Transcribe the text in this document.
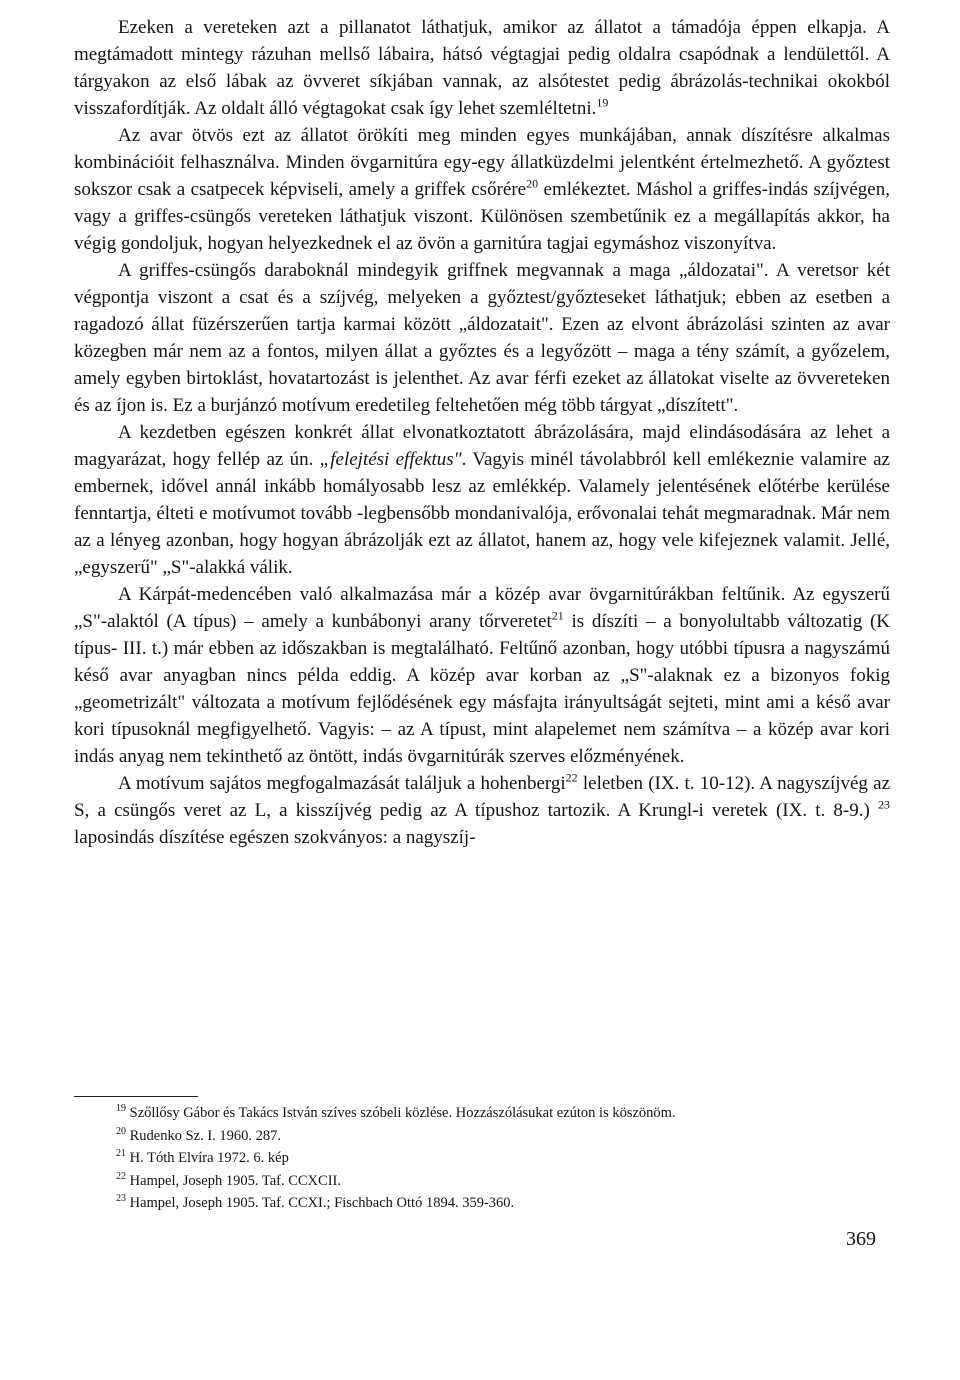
Ezeken a vereteken azt a pillanatot láthatjuk, amikor az állatot a támadója éppen elkapja. A megtámadott mintegy rázuhan mellső lábaira, hátsó végtagjai pedig oldalra csapódnak a lendülettől. A tárgyakon az első lábak az övveret síkjában vannak, az alsótestet pedig ábrázolás-technikai okokból visszafordítják. Az oldalt álló végtagokat csak így lehet szemléltetni.$^{19}$

Az avar ötvös ezt az állatot örökíti meg minden egyes munkájában, annak díszítésre alkalmas kombinációit felhasználva. Minden övgarnitúra egy-egy állatküzdelmi jelentként értelmezhető. A győztest sokszor csak a csatpecek képviseli, amely a griffek csőrére$^{20}$ emlékeztet. Máshol a griffes-indás szíjvégen, vagy a griffes-csüngős vereteken láthatjuk viszont. Különösen szembetűnik ez a megállapítás akkor, ha végig gondoljuk, hogyan helyezkednek el az övön a garnitúra tagjai egymáshoz viszonyítva.

A griffes-csüngős daraboknál mindegyik griffnek megvannak a maga „áldozatai". A veretsor két végpontja viszont a csat és a szíjvég, melyeken a győztest/győzteseket láthatjuk; ebben az esetben a ragadozó állat füzérszerűen tartja karmai között „áldozatait". Ezen az elvont ábrázolási szinten az avar közegben már nem az a fontos, milyen állat a győztes és a legyőzött – maga a tény számít, a győzelem, amely egyben birtoklást, hovatartozást is jelenthet. Az avar férfi ezeket az állatokat viselte az övvereteken és az íjon is. Ez a burjánzó motívum eredetileg feltehetően még több tárgyat „díszített".

A kezdetben egészen konkrét állat elvonatkoztatott ábrázolására, majd elindásodására az lehet a magyarázat, hogy fellép az ún. „felejtési effektus". Vagyis minél távolabbról kell emlékeznie valamire az embernek, idővel annál inkább homályosabb lesz az emlékkép. Valamely jelentésének előtérbe kerülése fenntartja, élteti e motívumot tovább -legbensőbb mondanivalója, erővonalai tehát megmaradnak. Már nem az a lényeg azonban, hogy hogyan ábrázolják ezt az állatot, hanem az, hogy vele kifejeznek valamit. Jellé, „egyszerű" „S"-alakká válik.

A Kárpát-medencében való alkalmazása már a közép avar övgarnitúrákban feltűnik. Az egyszerű „S"-alaktól (A típus) – amely a kunbábonyi arany tőrveretet$^{21}$ is díszíti – a bonyolultabb változatig (K típus- III. t.) már ebben az időszakban is megtalálható. Feltűnő azonban, hogy utóbbi típusra a nagyszámú késő avar anyagban nincs példa eddig. A közép avar korban az „S"-alaknak ez a bizonyos fokig „geometrizált" változata a motívum fejlődésének egy másfajta irányultságát sejteti, mint ami a késő avar kori típusoknál megfigyelhető. Vagyis: – az A típust, mint alapelemet nem számítva – a közép avar kori indás anyag nem tekinthető az öntött, indás övgarnitúrák szerves előzményének.

A motívum sajátos megfogalmazását találjuk a hohenbergi$^{22}$ leletben (IX. t. 10-12). A nagyszíjvég az S, a csüngős veret az L, a kisszíjvég pedig az A típushoz tartozik. A Krungl-i veretek (IX. t. 8-9.) $^{23}$ laposindás díszítése egészen szokványos: a nagyszíj-

$^{19}$ Szőllősy Gábor és Takács István szíves szóbeli közlése. Hozzászólásukat ezúton is köszönöm.
$^{20}$ Rudenko Sz. I. 1960. 287.
$^{21}$ H. Tóth Elvíra 1972. 6. kép
$^{22}$ Hampel, Joseph 1905. Taf. CCXCII.
$^{23}$ Hampel, Joseph 1905. Taf. CCXI.; Fischbach Ottó 1894. 359-360.
369
